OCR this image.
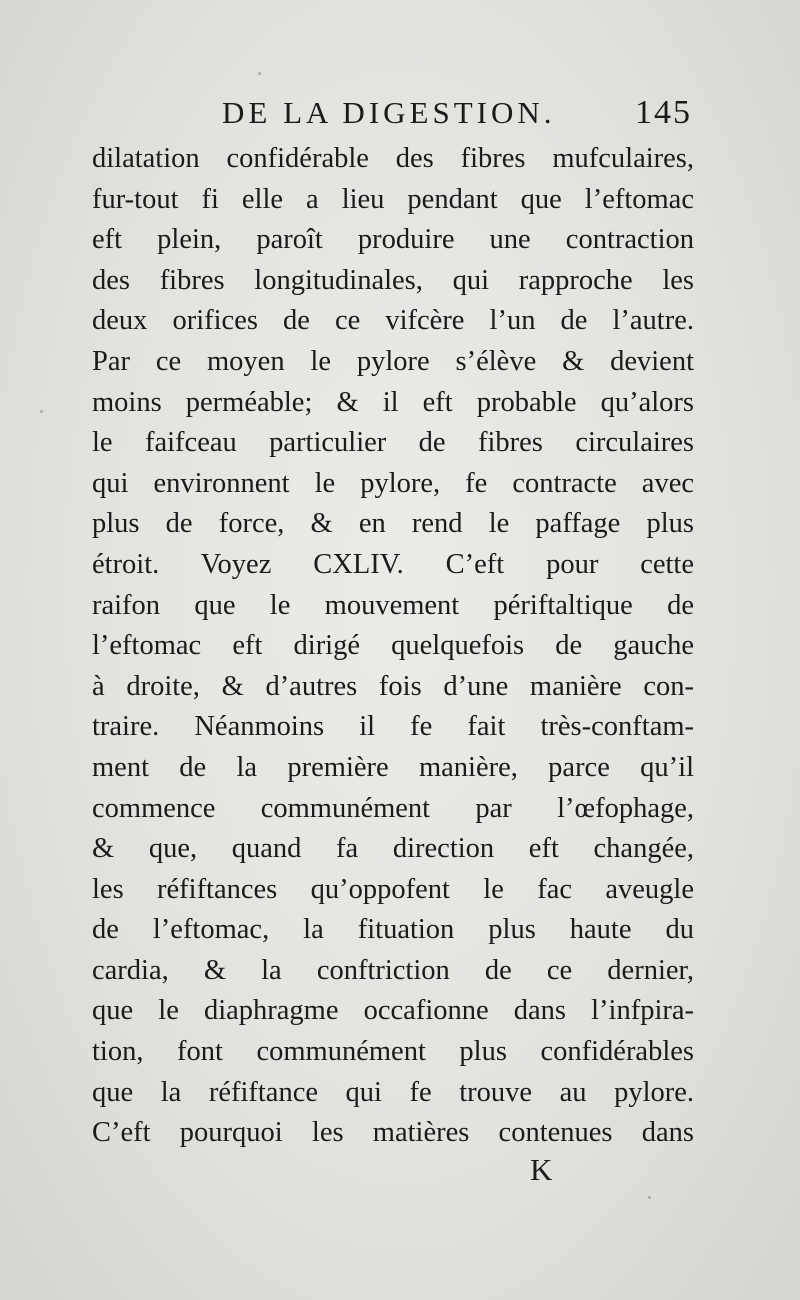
DE LA DIGESTION. 145
dilatation confidérable des fibres mufculaires,
fur-tout fi elle a lieu pendant que l’eftomac
eft plein, paroît produire une contraction
des fibres longitudinales, qui rapproche les
deux orifices de ce vifcère l’un de l’autre.
Par ce moyen le pylore s’élève & devient
moins perméable; & il eft probable qu’alors
le faifceau particulier de fibres circulaires
qui environnent le pylore, fe contracte avec
plus de force, & en rend le paffage plus
étroit. Voyez CXLIV. C’eft pour cette
raifon que le mouvement périftaltique de
l’eftomac eft dirigé quelquefois de gauche
à droite, & d’autres fois d’une manière con-
traire. Néanmoins il fe fait très-conftam-
ment de la première manière, parce qu’il
commence communément par l’œfophage,
& que, quand fa direction eft changée,
les réfiftances qu’oppofent le fac aveugle
de l’eftomac, la fituation plus haute du
cardia, & la conftriction de ce dernier,
que le diaphragme occafionne dans l’infpira-
tion, font communément plus confidérables
que la réfiftance qui fe trouve au pylore.
C’eft pourquoi les matières contenues dans
K
